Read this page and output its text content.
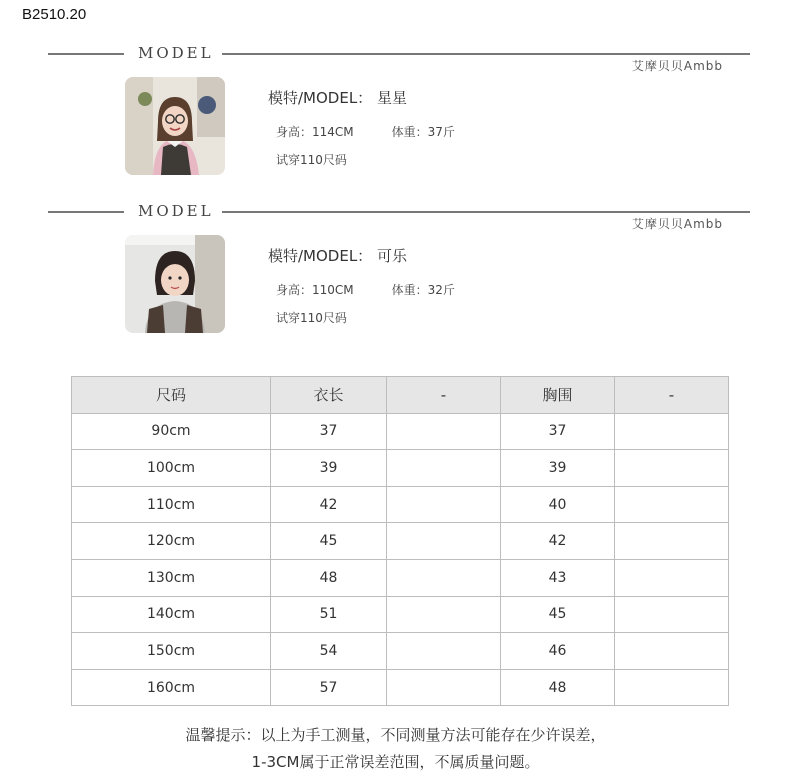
B2510.20
MODEL
艾摩贝贝Ambb
模特/MODEL： 星星
身高：114CM	体重：37斤
试穿110尺码
MODEL
艾摩贝贝Ambb
模特/MODEL： 可乐
身高：110CM	体重：32斤
试穿110尺码
尺码	衣长	-	胸围	-
90cm	37		37	
100cm	39		39	
110cm	42		40	
120cm	45		42	
130cm	48		43	
140cm	51		45	
150cm	54		46	
160cm	57		48	
温馨提示：以上为手工测量，不同测量方法可能存在少许误差，
1-3CM属于正常误差范围，不属质量问题。
